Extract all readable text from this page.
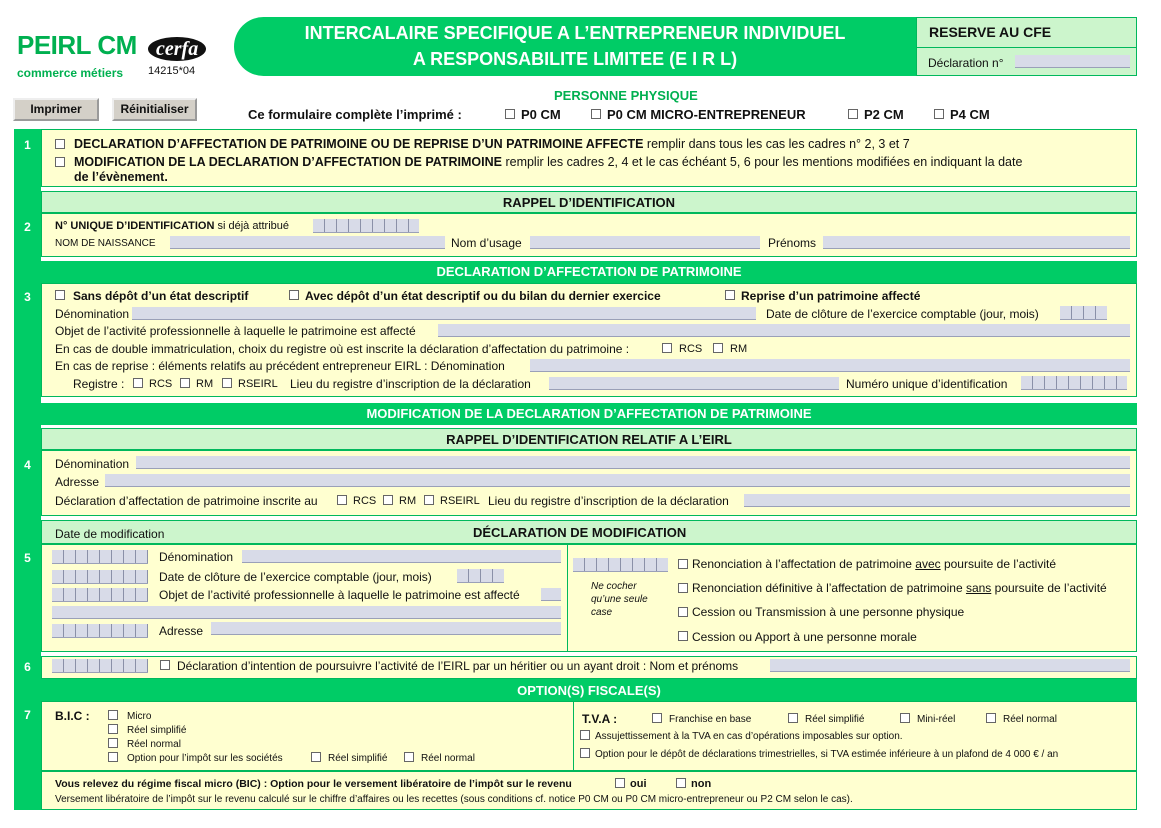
PEIRL CM
commerce métiers
cerfa
14215*04
INTERCALAIRE SPECIFIQUE A L’ENTREPRENEUR INDIVIDUEL
A RESPONSABILITE LIMITEE (E I R L)
RESERVE AU CFE
Déclaration n°
Imprimer	Réinitialiser
PERSONNE PHYSIQUE
Ce formulaire complète l’imprimé :	P0 CM	P0 CM MICRO-ENTREPRENEUR	P2 CM	P4 CM
1	DECLARATION D’AFFECTATION DE PATRIMOINE OU DE REPRISE D’UN PATRIMOINE AFFECTE remplir dans tous les cas les cadres n° 2, 3 et 7
MODIFICATION DE LA DECLARATION D’AFFECTATION DE PATRIMOINE remplir les cadres 2, 4 et le cas échéant 5, 6 pour les mentions modifiées en indiquant la date
de l’évènement.
RAPPEL D’IDENTIFICATION
2	N° UNIQUE D’IDENTIFICATION si déjà attribué
NOM DE NAISSANCE	Nom d’usage	Prénoms
DECLARATION D’AFFECTATION DE PATRIMOINE
3	Sans dépôt d’un état descriptif	Avec dépôt d’un état descriptif ou du bilan du dernier exercice	Reprise d’un patrimoine affecté
Dénomination	Date de clôture de l’exercice comptable (jour, mois)
Objet de l’activité professionnelle à laquelle le patrimoine est affecté
En cas de double immatriculation, choix du registre où est inscrite la déclaration d’affectation du patrimoine :	RCS	RM
En cas de reprise : éléments relatifs au précédent entrepreneur EIRL : Dénomination
Registre : RCS RM RSEIRL Lieu du registre d’inscription de la déclaration	Numéro unique d’identification
MODIFICATION DE LA DECLARATION D’AFFECTATION DE PATRIMOINE
RAPPEL D’IDENTIFICATION RELATIF A L’EIRL
4	Dénomination
Adresse
Déclaration d’affectation de patrimoine inscrite au	RCS RM RSEIRL Lieu du registre d’inscription de la déclaration
Date de modification	DÉCLARATION DE MODIFICATION
5	Dénomination
Date de clôture de l’exercice comptable (jour, mois)
Objet de l’activité professionnelle à laquelle le patrimoine est affecté
Adresse
Ne cocher
qu’une seule
case
Renonciation à l’affectation de patrimoine avec poursuite de l’activité
Renonciation définitive à l’affectation de patrimoine sans poursuite de l’activité
Cession ou Transmission à une personne physique
Cession ou Apport à une personne morale
6	Déclaration d’intention de poursuivre l’activité de l’EIRL par un héritier ou un ayant droit : Nom et prénoms
OPTION(S) FISCALE(S)
7	B.I.C :	Micro
Réel simplifié
Réel normal
Option pour l’impôt sur les sociétés	Réel simplifié	Réel normal
T.V.A :	Franchise en base	Réel simplifié	Mini-réel	Réel normal
Assujettissement à la TVA en cas d’opérations imposables sur option.
Option pour le dépôt de déclarations trimestrielles, si TVA estimée inférieure à un plafond de 4 000 € / an
Vous relevez du régime fiscal micro (BIC) : Option pour le versement libératoire de l’impôt sur le revenu	oui	non
Versement libératoire de l’impôt sur le revenu calculé sur le chiffre d’affaires ou les recettes (sous conditions cf. notice P0 CM ou P0 CM micro-entrepreneur ou P2 CM selon le cas).
